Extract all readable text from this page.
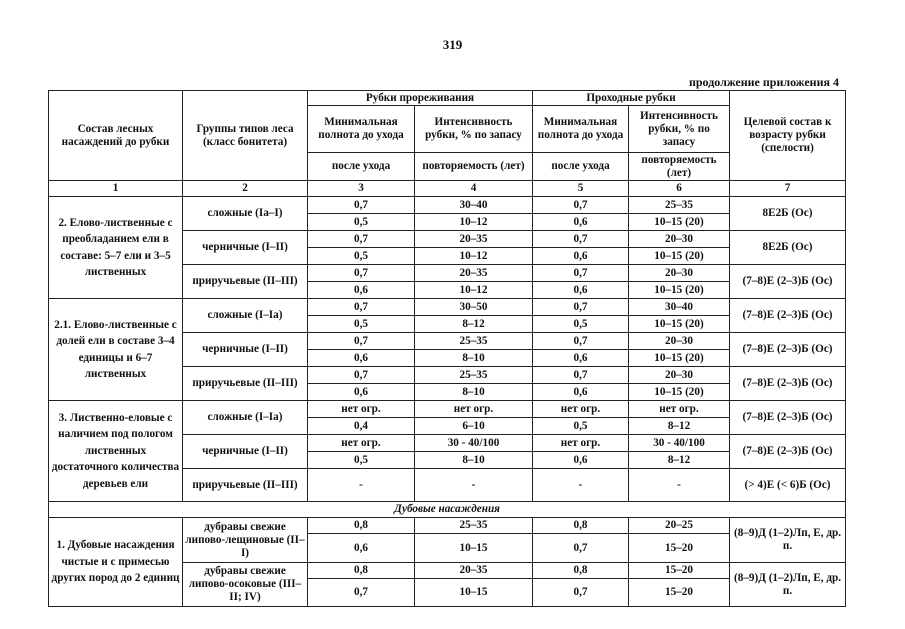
319
продолжение приложения 4
Состав лесных насаждений до рубки	Группы типов леса (класс бонитета)	Рубки прореживания		Проходные рубки		Целевой состав к возрасту рубки (спелости)
		Минимальная полнота до ухода	Интенсивность рубки, % по запасу	Минимальная полнота до ухода	Интенсивность рубки, % по запасу	
		после ухода	повторяемость (лет)	после ухода	повторяемость (лет)	
1	2	3	4	5	6	7
2. Елово-лиственные с преобладанием ели в составе: 5–7 ели и 3–5 лиственных	сложные (Ia–I)	0,7	30–40	0,7	25–35	8Е2Б (Ос)
		0,5	10–12	0,6	10–15 (20)	
	черничные (I–II)	0,7	20–35	0,7	20–30	8Е2Б (Ос)
		0,5	10–12	0,6	10–15 (20)	
	приручьевые (II–III)	0,7	20–35	0,7	20–30	(7–8)Е (2–3)Б (Ос)
		0,6	10–12	0,6	10–15 (20)	
2.1. Елово-лиственные с долей ели в составе 3–4 единицы и 6–7 лиственных	сложные (I–Ia)	0,7	30–50	0,7	30–40	(7–8)Е (2–3)Б (Ос)
		0,5	8–12	0,5	10–15 (20)	
	черничные (I–II)	0,7	25–35	0,7	20–30	(7–8)Е (2–3)Б (Ос)
		0,6	8–10	0,6	10–15 (20)	
	приручьевые (II–III)	0,7	25–35	0,7	20–30	(7–8)Е (2–3)Б (Ос)
		0,6	8–10	0,6	10–15 (20)	
3. Лиственно-еловые с наличием под пологом лиственных достаточного количества деревьев ели	сложные (I–Ia)	нет огр.	нет огр.	нет огр.	нет огр.	(7–8)Е (2–3)Б (Ос)
		0,4	6–10	0,5	8–12	
	черничные (I–II)	нет огр.	30 - 40/100	нет огр.	30 - 40/100	(7–8)Е (2–3)Б (Ос)
		0,5	8–10	0,6	8–12	
	приручьевые (II–III)	-	-	-	-	(> 4)Е (< 6)Б (Ос)
Дубовые насаждения						
1. Дубовые насаждения чистые и с примесью других пород до 2 единиц	дубравы свежие липово-лещиновые (II–I)	0,8	25–35	0,8	20–25	(8–9)Д (1–2)Лп, Е, др. п.
		0,6	10–15	0,7	15–20	
	дубравы свежие липово-осоковые (III–II; IV)	0,8	20–35	0,8	15–20	(8–9)Д (1–2)Лп, Е, др. п.
		0,7	10–15	0,7	15–20	
